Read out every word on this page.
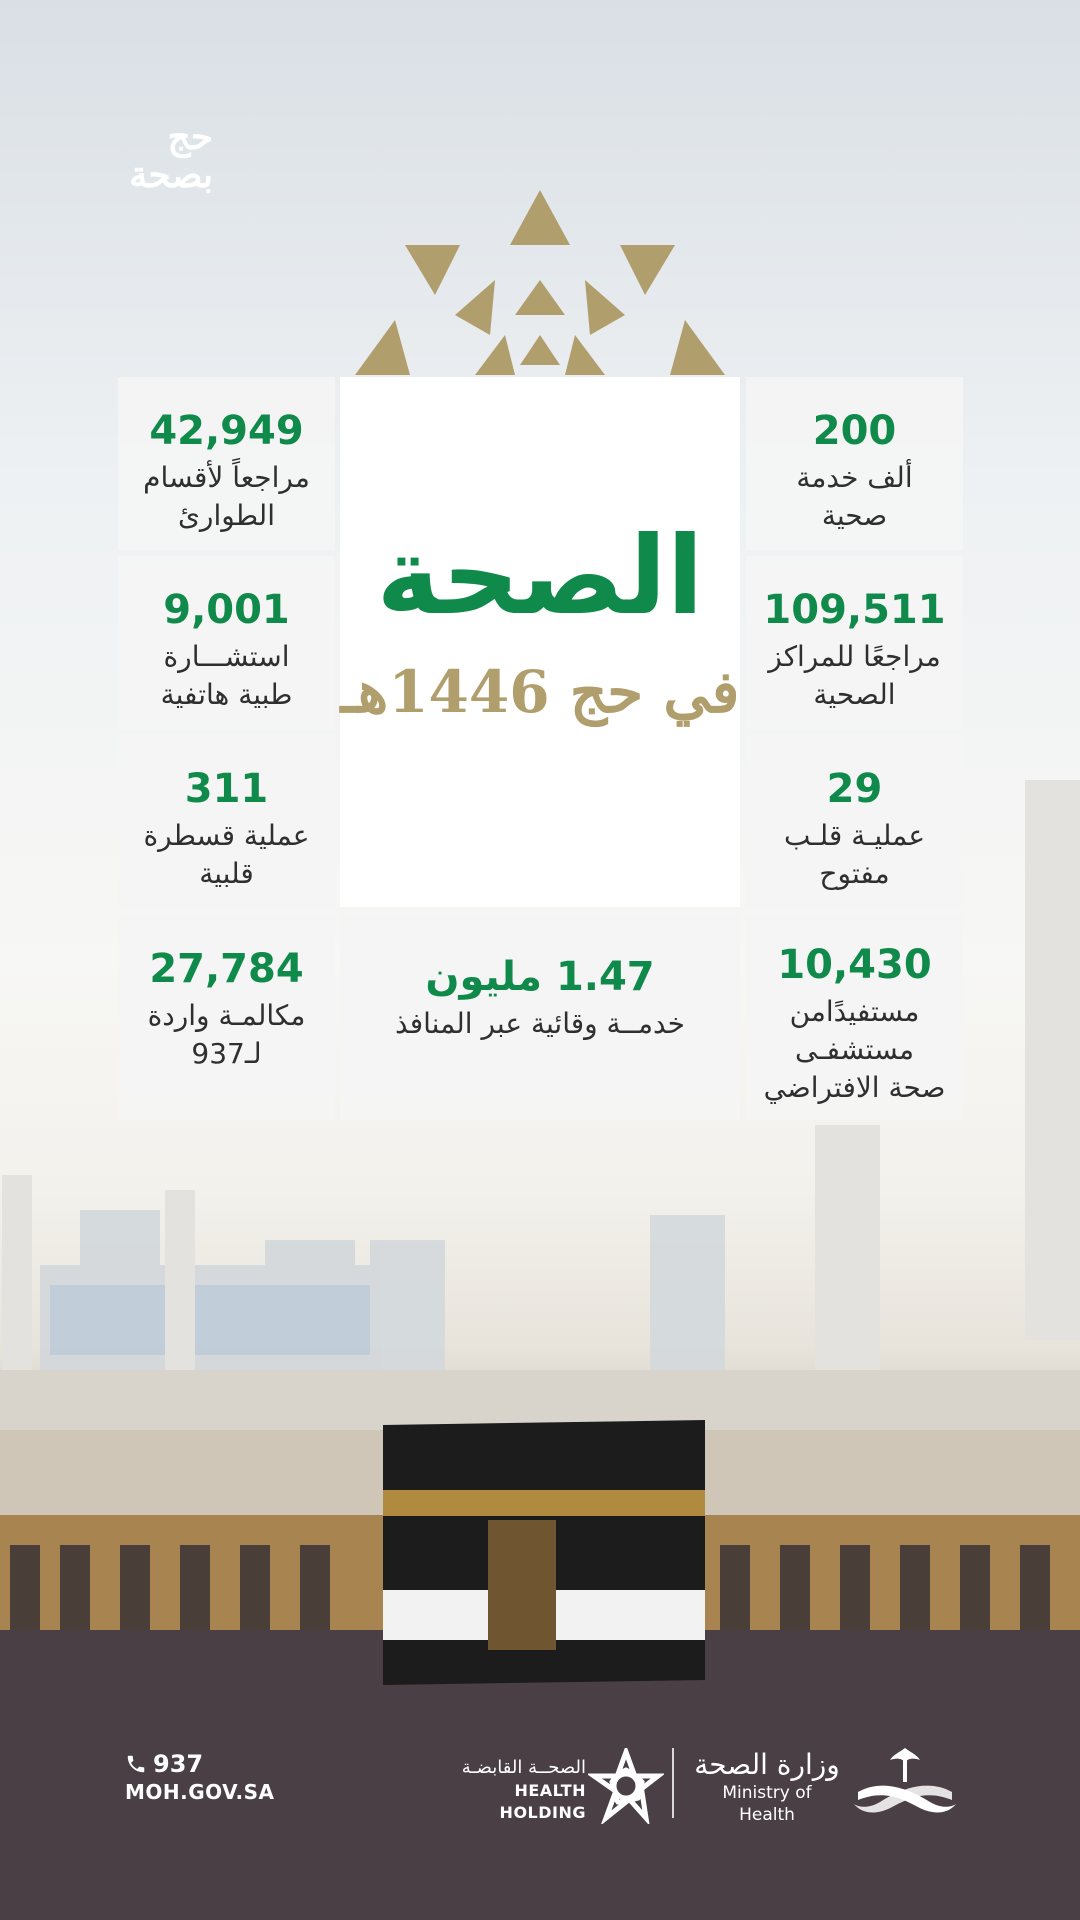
حج
بصحة
الصحة
في حج 1446هـ
42,949
مراجعاً لأقسام
الطوارئ
9,001
استشـــارة
طبية هاتفية
311
عملية قسطرة
قلبية
27,784
مكالمـة واردة
لـ937
1.47 مليون
خدمــة وقائية عبر المنافذ
200
ألف خدمة
صحية
109,511
مراجعًا للمراكز
الصحية
29
عمليـة قلـب
مفتوح
10,430
مستفيدًامن
مستشفـى
صحة الافتراضي
937
MOH.GOV.SA
الصحــة القابضـة
HEALTH HOLDING
وزارة الصحة
Ministry of Health
